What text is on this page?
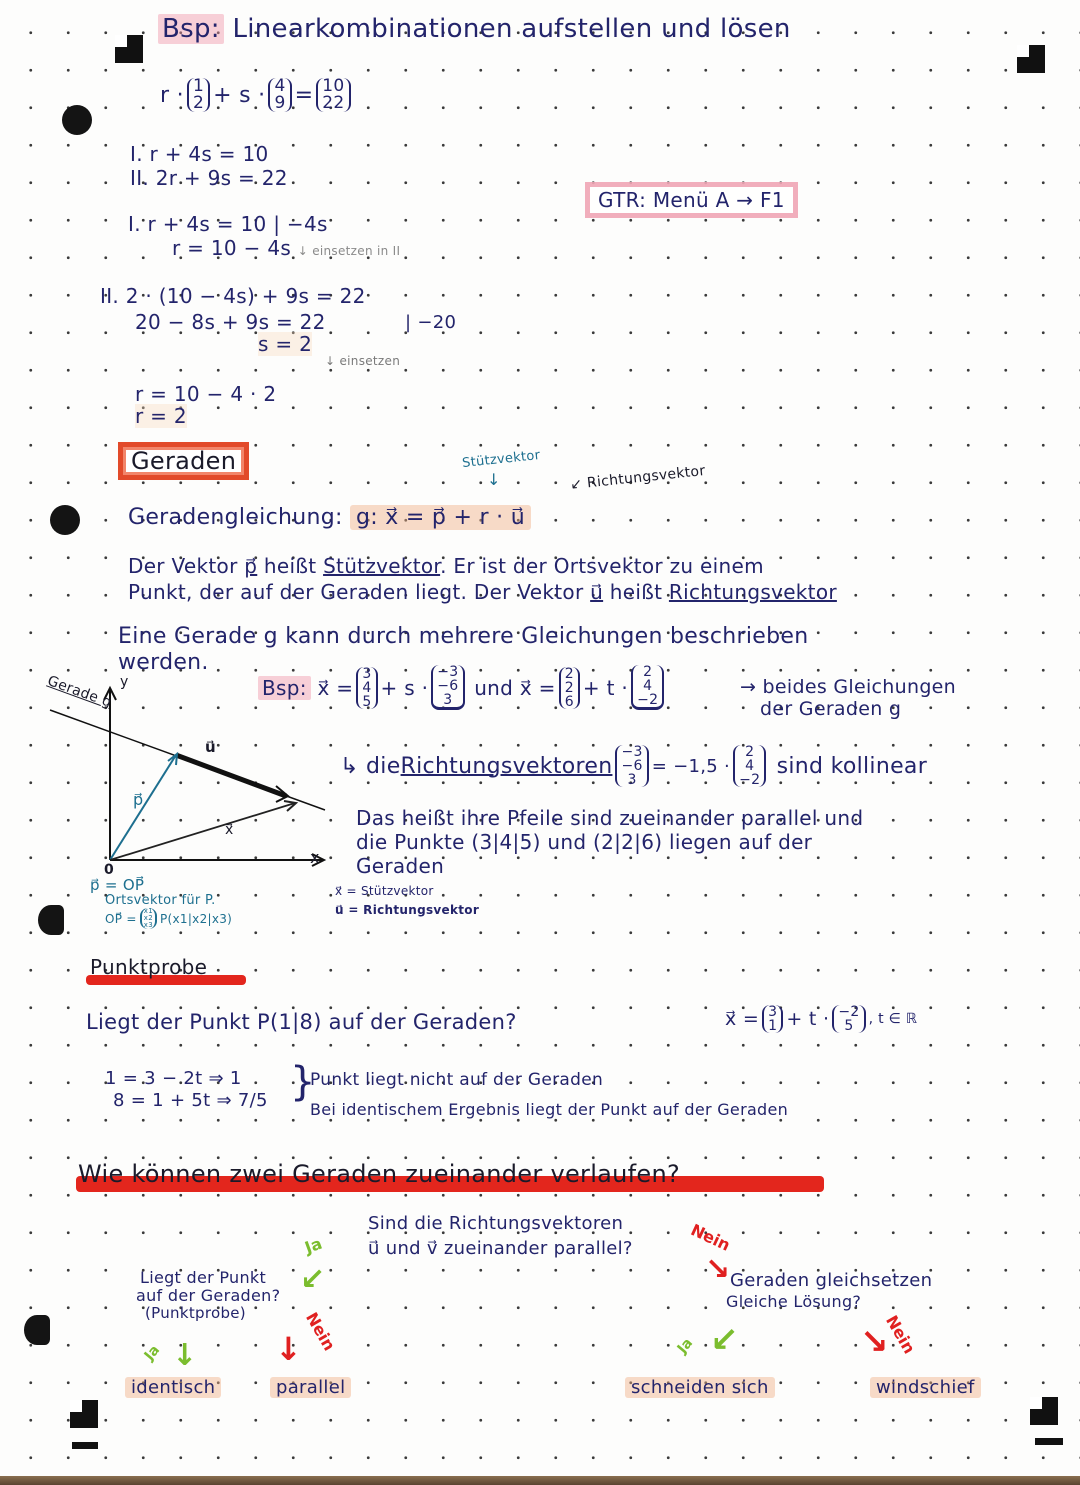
Bsp: Linearkombinationen aufstellen und lösen
r · 1
2 + s · 4
9 = 10
22
I. r + 4s = 10
II. 2r + 9s = 22
GTR: Menü A → F1
I. r + 4s = 10 | −4s
r = 10 − 4s ↓ einsetzen in II
II. 2 · (10 − 4s) + 9s = 22
20 − 8s + 9s = 22	| −20
s = 2
↓ einsetzen
r = 10 − 4 · 2
r = 2
Geraden	Stützvektor
↓	↙ Richtungsvektor
Geradengleichung: g: x⃗ = p⃗ + r · u⃗
Der Vektor p⃗ heißt Stützvektor. Er ist der Ortsvektor zu einem
Punkt, der auf der Geraden liegt. Der Vektor u⃗ heißt Richtungsvektor
Eine Gerade g kann durch mehrere Gleichungen beschrieben
werden.
Bsp:
x⃗ =
3
4
5
+ s ·
−3
−6
3

und
x⃗ =
2
2
6
+ t ·
2
4
−2
→ beides Gleichungen
der Geraden g
↳
die Richtungsvektoren
−3
−6
3
= −1,5 ·
2
4
−2

sind kollinear
Das heißt ihre Pfeile sind zueinander parallel und
die Punkte (3|4|5) und (2|2|6) liegen auf der
Geraden
x⃗ = Stützvektor
u⃗ = Richtungsvektor
Gerade g y
x
0
p⃗
u⃗
x⃗
p⃗ = OP⃗
Ortsvektor für P.
OP⃗ =
x1
x2
x3 P(x1|x2|x3)
Punktprobe
Liegt der Punkt P(1|8) auf der Geraden?	x⃗ = 3
1 + t · −2
5 , t ∈ ℝ
1 = 3 − 2t ⇒ 1
8 = 1 + 5t ⇒ 7/5 }
Punkt liegt nicht auf der Geraden
Bei identischem Ergebnis liegt der Punkt auf der Geraden
Wie können zwei Geraden zueinander verlaufen?
Sind die Richtungsvektoren
u⃗ und v⃗ zueinander parallel?
Ja
↙
Nein
↘
Liegt der Punkt
auf der Geraden?
(Punktprobe)
Geraden gleichsetzen
Gleiche Lösung?
Ja ↓
Nein
↓	Ja ↙	Nein
↘
identisch	parallel	schneiden sich	windschief
